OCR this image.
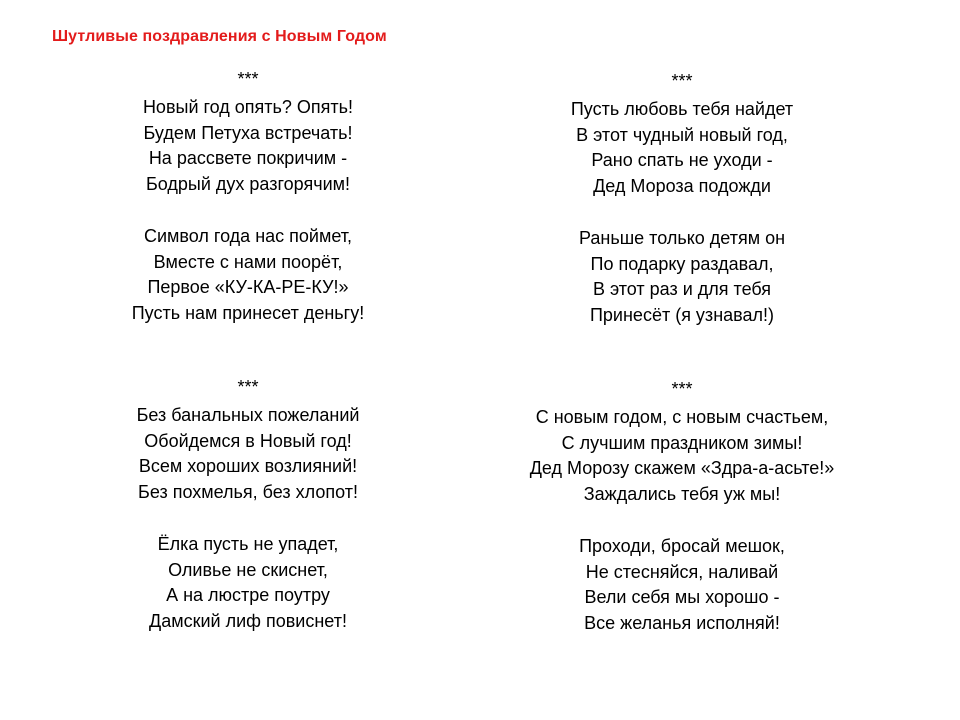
Шутливые поздравления с Новым Годом
***
Новый год опять? Опять!
Будем Петуха встречать!
На рассвете покричим -
Бодрый дух разгорячим!
Символ года нас поймет,
Вместе с нами поорёт,
Первое «КУ-КА-РЕ-КУ!»
Пусть нам принесет деньгу!
***
Пусть любовь тебя найдет
В этот чудный новый год,
Рано спать не уходи -
Дед Мороза подожди
Раньше только детям он
По подарку раздавал,
В этот раз и для тебя
Принесёт (я узнавал!)
***
Без банальных пожеланий
Обойдемся в Новый год!
Всем хороших возлияний!
Без похмелья, без хлопот!
Ёлка пусть не упадет,
Оливье не скиснет,
А на люстре поутру
Дамский лиф повиснет!
***
С новым годом, с новым счастьем,
С лучшим праздником зимы!
Дед Морозу скажем «Здра-а-асьте!»
Заждались тебя уж мы!
Проходи, бросай мешок,
Не стесняйся, наливай
Вели себя мы хорошо -
Все желанья исполняй!
